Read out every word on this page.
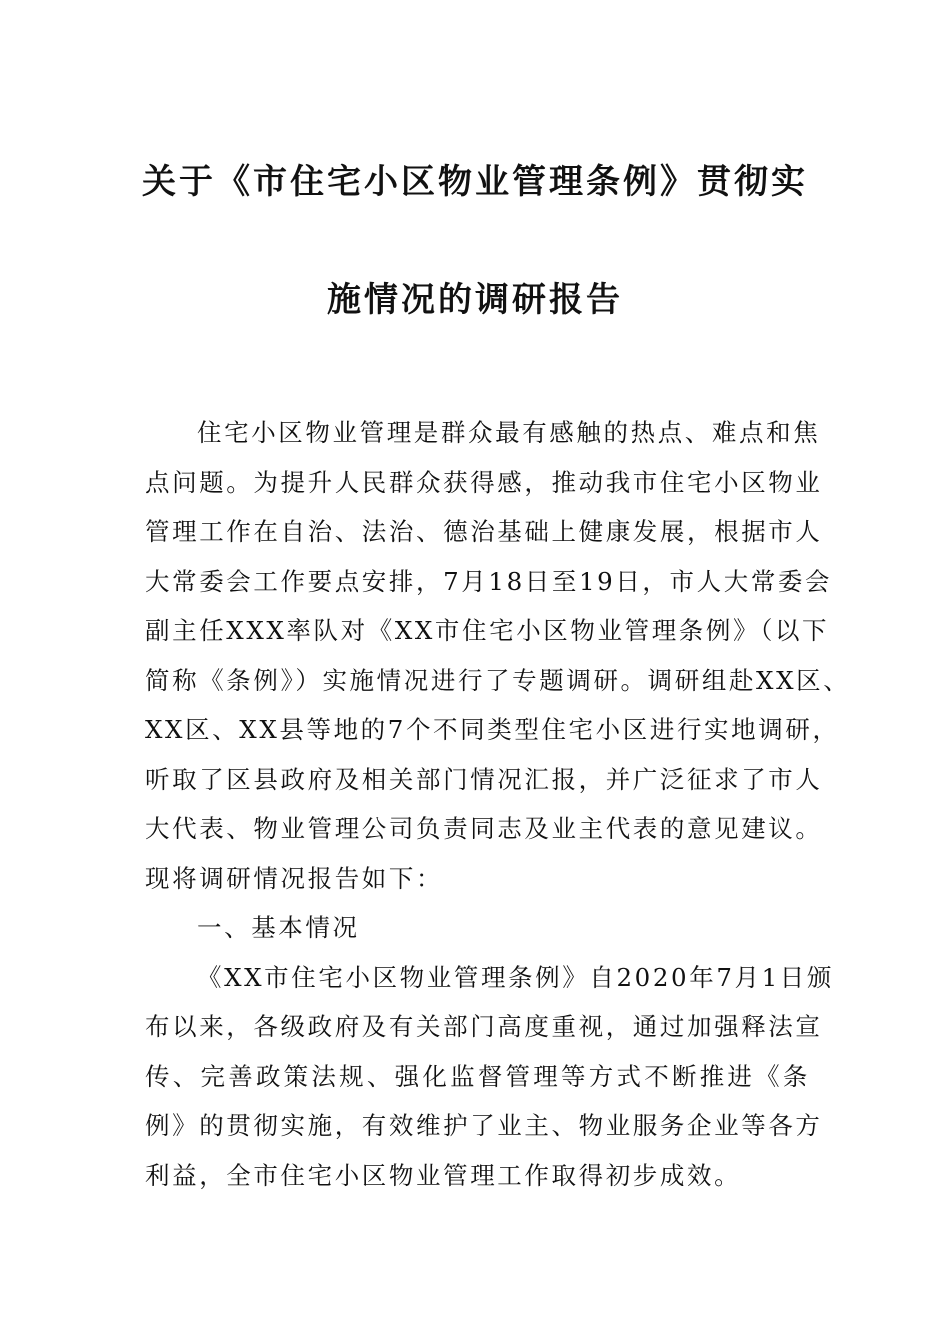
关于《市住宅小区物业管理条例》贯彻实
施情况的调研报告
住宅小区物业管理是群众最有感触的热点、难点和焦
点问题。为提升人民群众获得感，推动我市住宅小区物业
管理工作在自治、法治、德治基础上健康发展，根据市人
大常委会工作要点安排，7月18日至19日，市人大常委会
副主任XXX率队对《XX市住宅小区物业管理条例》（以下
简称《条例》）实施情况进行了专题调研。调研组赴XX区、
XX区、XX县等地的7个不同类型住宅小区进行实地调研，
听取了区县政府及相关部门情况汇报，并广泛征求了市人
大代表、物业管理公司负责同志及业主代表的意见建议。
现将调研情况报告如下：
一、基本情况
《XX市住宅小区物业管理条例》自2020年7月1日颁
布以来，各级政府及有关部门高度重视，通过加强释法宣
传、完善政策法规、强化监督管理等方式不断推进《条
例》的贯彻实施，有效维护了业主、物业服务企业等各方
利益，全市住宅小区物业管理工作取得初步成效。
